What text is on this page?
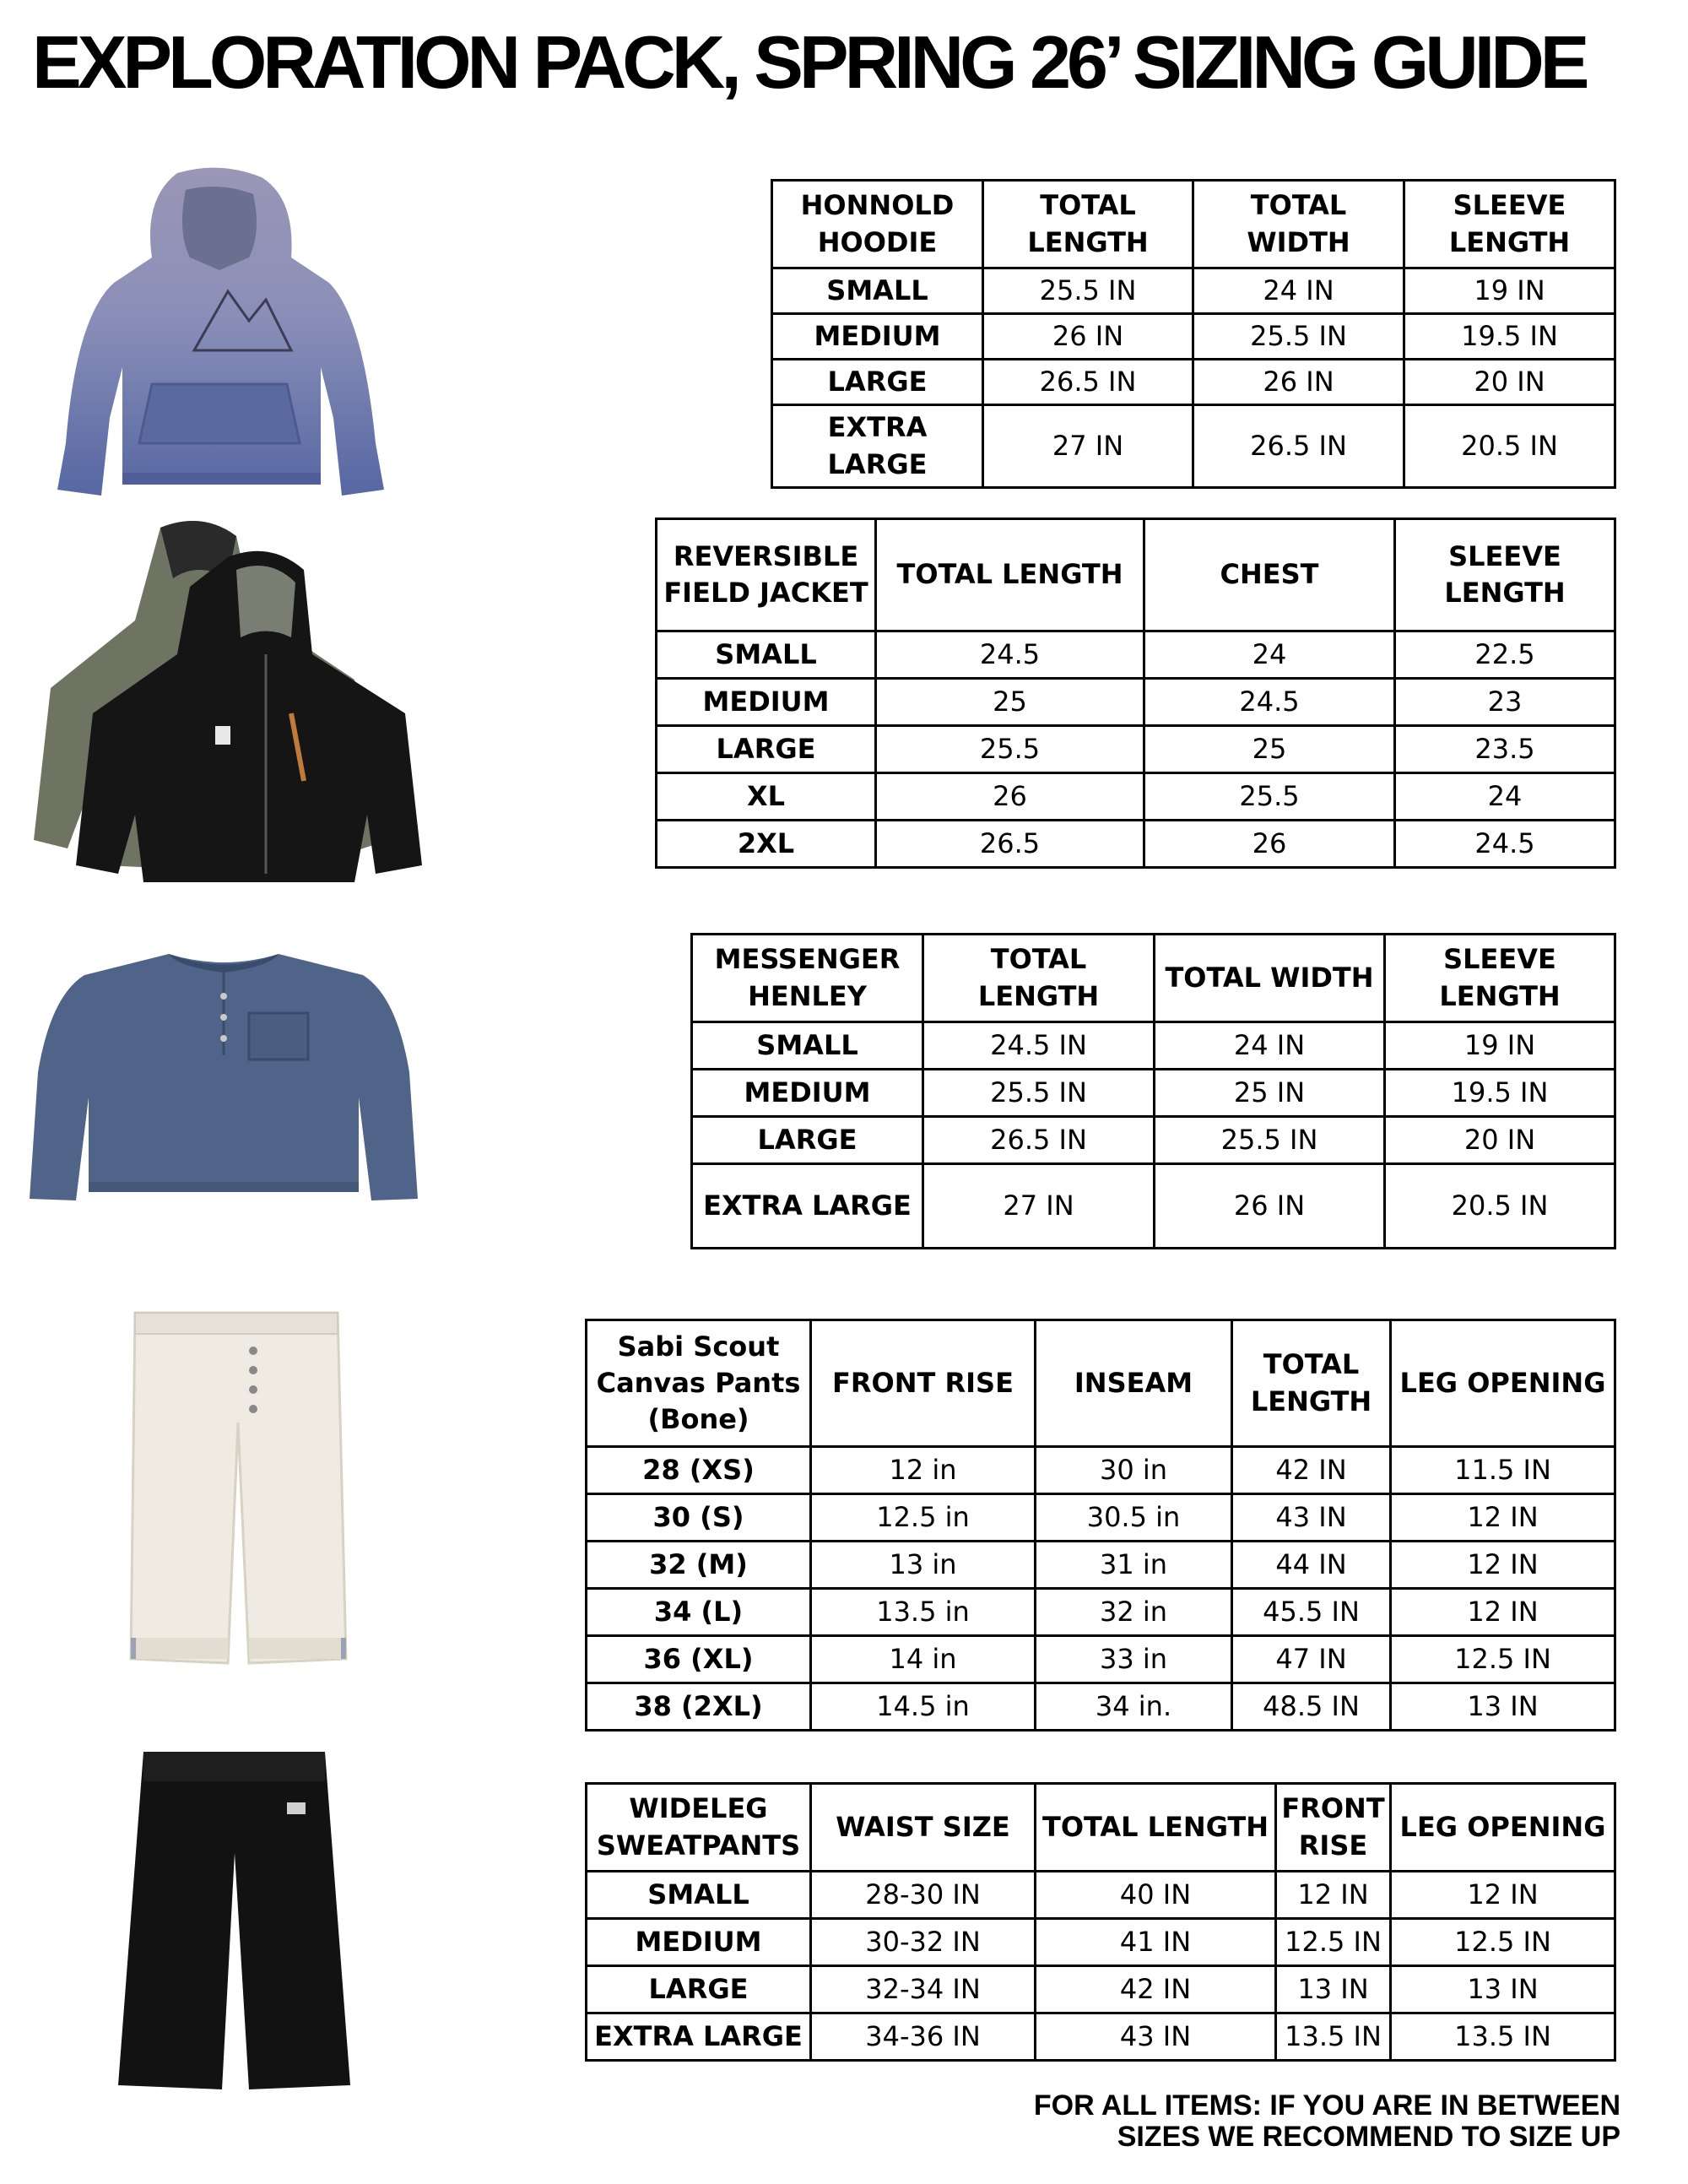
EXPLORATION PACK, SPRING 26’ SIZING GUIDE
HONNOLD HOODIE	TOTAL LENGTH	TOTAL WIDTH	SLEEVE LENGTH
SMALL	25.5 IN	24 IN	19 IN
MEDIUM	26 IN	25.5 IN	19.5 IN
LARGE	26.5 IN	26 IN	20 IN
EXTRA LARGE	27 IN	26.5 IN	20.5 IN
REVERSIBLE FIELD JACKET	TOTAL LENGTH	CHEST	SLEEVE LENGTH
SMALL	24.5	24	22.5
MEDIUM	25	24.5	23
LARGE	25.5	25	23.5
XL	26	25.5	24
2XL	26.5	26	24.5
MESSENGER HENLEY	TOTAL LENGTH	TOTAL WIDTH	SLEEVE LENGTH
SMALL	24.5 IN	24 IN	19 IN
MEDIUM	25.5 IN	25 IN	19.5 IN
LARGE	26.5 IN	25.5 IN	20 IN
EXTRA LARGE	27 IN	26 IN	20.5 IN
Sabi Scout Canvas Pants (Bone)	FRONT RISE	INSEAM	TOTAL LENGTH	LEG OPENING
28 (XS)	12 in	30 in	42 IN	11.5 IN
30 (S)	12.5 in	30.5 in	43 IN	12 IN
32 (M)	13 in	31 in	44 IN	12 IN
34 (L)	13.5 in	32 in	45.5 IN	12 IN
36 (XL)	14 in	33 in	47 IN	12.5 IN
38 (2XL)	14.5 in	34 in.	48.5 IN	13 IN
WIDELEG SWEATPANTS	WAIST SIZE	TOTAL LENGTH	FRONT RISE	LEG OPENING
SMALL	28-30 IN	40 IN	12 IN	12 IN
MEDIUM	30-32 IN	41 IN	12.5 IN	12.5 IN
LARGE	32-34 IN	42 IN	13 IN	13 IN
EXTRA LARGE	34-36 IN	43 IN	13.5 IN	13.5 IN

FOR ALL ITEMS: IF YOU ARE IN BETWEEN
SIZES WE RECOMMEND TO SIZE UP
